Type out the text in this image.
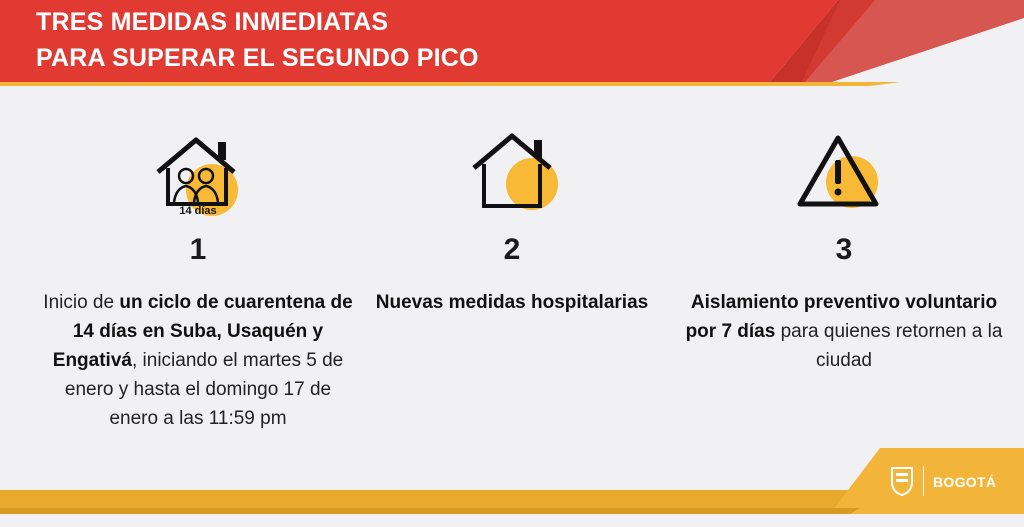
TRES MEDIDAS INMEDIATAS
PARA SUPERAR EL SEGUNDO PICO
14 días
1
Inicio de un ciclo de cuarentena de 14 días en Suba, Usaquén y Engativá, iniciando el martes 5 de enero y hasta el domingo 17 de enero a las 11:59 pm
2
Nuevas medidas hospitalarias
3
Aislamiento preventivo voluntario por 7 días para quienes retornen a la ciudad
BOGOTÁ
